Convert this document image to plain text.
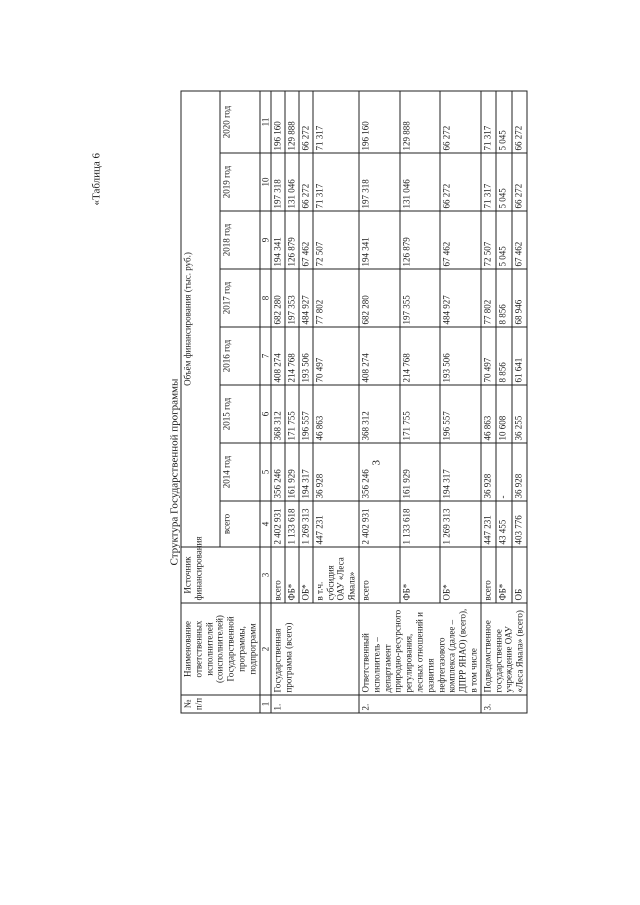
3
«Таблица 6
Структура Государственной программы
№ п/п	Наименование ответственных исполнителей (соисполнителей) Государственной программы, подпрограмм	Источник финансирования	Объём финансирования (тыс. руб.)							
			всего	2014 год	2015 год	2016 год	2017 год	2018 год	2019 год	2020 год
1	2	3	4	5	6	7	8	9	10	11
1.	Государственная программа (всего)	всего	2 402 931	356 246	368 312	408 274	682 280	194 341	197 318	196 160
		ФБ*	1 133 618	161 929	171 755	214 768	197 353	126 879	131 046	129 888
		ОБ*	1 269 313	194 317	196 557	193 506	484 927	67 462	66 272	66 272
		в т.ч. субсидия ОАУ «Леса Ямала»	447 231	36 928	46 863	70 497	77 802	72 507	71 317	71 317
2.	Ответственный исполнитель – департамент природно-ресурсного регулирования, лесных отношений и развития нефтегазового комплекса (далее – ДПРР ЯНАО) (всего), в том числе	всего	2 402 931	356 246	368 312	408 274	682 280	194 341	197 318	196 160
		ФБ*	1 133 618	161 929	171 755	214 768	197 355	126 879	131 046	129 888
		ОБ*	1 269 313	194 317	196 557	193 506	484 927	67 462	66 272	66 272
3.	Подведомственное государственное учреждение ОАУ «Леса Ямала» (всего)	всего	447 231	36 928	46 863	70 497	77 802	72 507	71 317	71 317
		ФБ*	43 455	-	10 608	8 856	8 856	5 045	5 045	5 045
		ОБ	403 776	36 928	36 255	61 641	68 946	67 462	66 272	66 272
